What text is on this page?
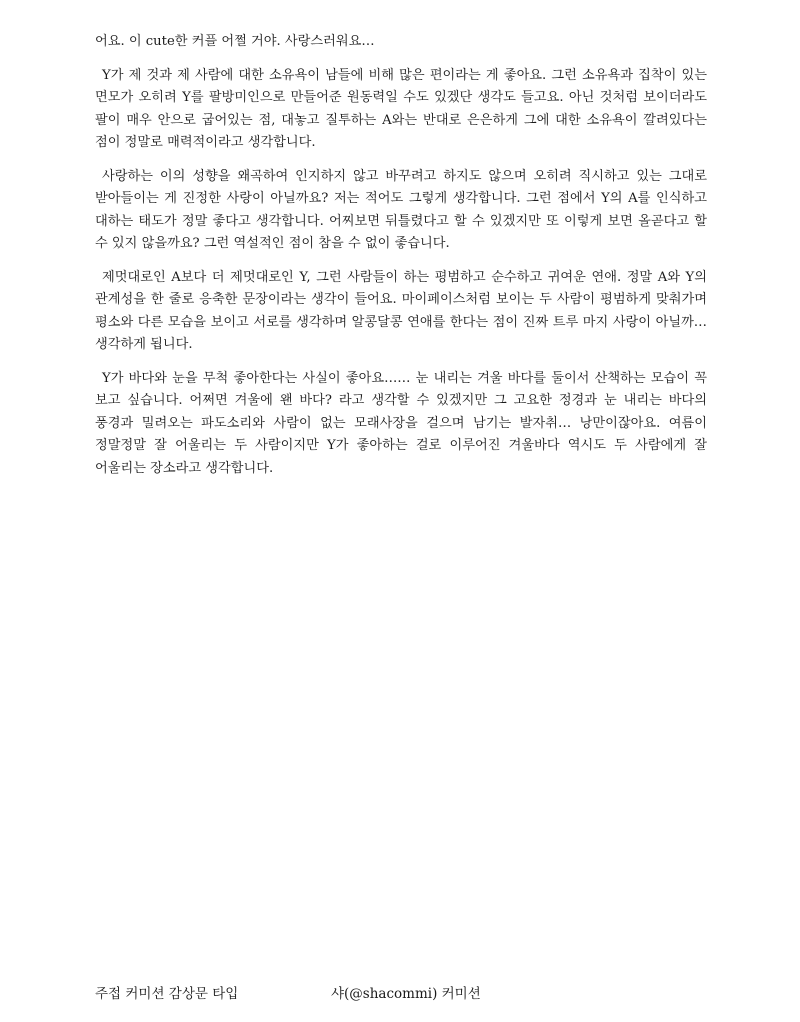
어요. 이 cute한 커플 어쩔 거야. 사랑스러워요…

Y가 제 것과 제 사람에 대한 소유욕이 남들에 비해 많은 편이라는 게 좋아요. 그런 소유욕과 집착이 있는 면모가 오히려 Y를 팔방미인으로 만들어준 원동력일 수도 있겠단 생각도 들고요. 아닌 것처럼 보이더라도 팔이 매우 안으로 굽어있는 점, 대놓고 질투하는 A와는 반대로 은은하게 그에 대한 소유욕이 깔려있다는 점이 정말로 매력적이라고 생각합니다.

사랑하는 이의 성향을 왜곡하여 인지하지 않고 바꾸려고 하지도 않으며 오히려 직시하고 있는 그대로 받아들이는 게 진정한 사랑이 아닐까요? 저는 적어도 그렇게 생각합니다. 그런 점에서 Y의 A를 인식하고 대하는 태도가 정말 좋다고 생각합니다. 어찌보면 뒤틀렸다고 할 수 있겠지만 또 이렇게 보면 올곧다고 할 수 있지 않을까요? 그런 역설적인 점이 참을 수 없이 좋습니다.

제멋대로인 A보다 더 제멋대로인 Y, 그런 사람들이 하는 평범하고 순수하고 귀여운 연애. 정말 A와 Y의 관계성을 한 줄로 응축한 문장이라는 생각이 들어요. 마이페이스처럼 보이는 두 사람이 평범하게 맞춰가며 평소와 다른 모습을 보이고 서로를 생각하며 알콩달콩 연애를 한다는 점이 진짜 트루 마지 사랑이 아닐까… 생각하게 됩니다.

Y가 바다와 눈을 무척 좋아한다는 사실이 좋아요…… 눈 내리는 겨울 바다를 둘이서 산책하는 모습이 꼭 보고 싶습니다. 어쩌면 겨울에 왠 바다? 라고 생각할 수 있겠지만 그 고요한 정경과 눈 내리는 바다의 풍경과 밀려오는 파도소리와 사람이 없는 모래사장을 걸으며 남기는 발자취… 낭만이잖아요. 여름이 정말정말 잘 어울리는 두 사람이지만 Y가 좋아하는 걸로 이루어진 겨울바다 역시도 두 사람에게 잘 어울리는 장소라고 생각합니다.

주접 커미션 감상문 타입	샤(@shacommi) 커미션
